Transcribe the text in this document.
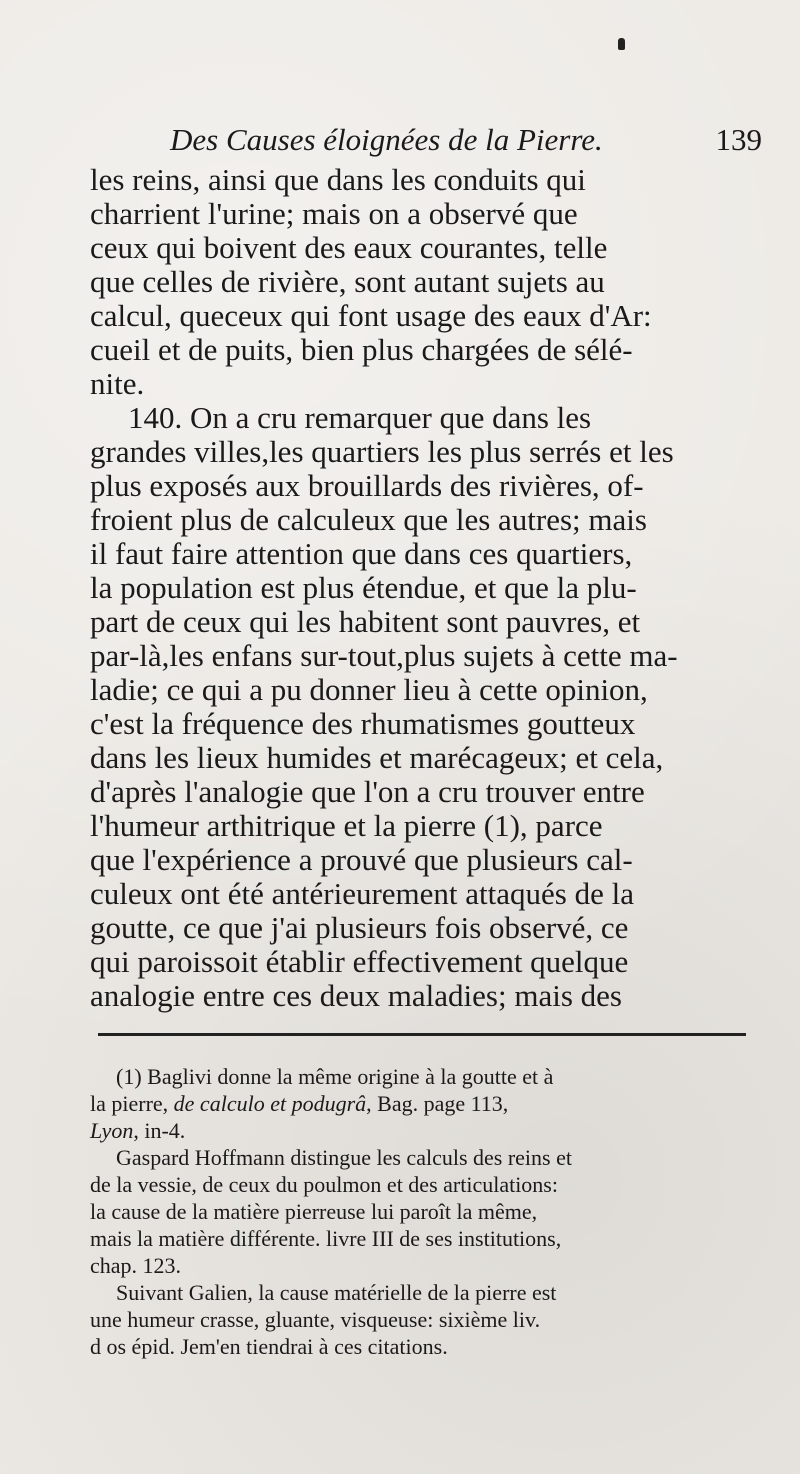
Des Causes éloignées de la Pierre.	139
les reins, ainsi que dans les conduits qui
charrient l'urine; mais on a observé que
ceux qui boivent des eaux courantes, telle
que celles de rivière, sont autant sujets au
calcul, queceux qui font usage des eaux d'Ar:
cueil et de puits, bien plus chargées de sélé-
nite.
140. On a cru remarquer que dans les
grandes villes,les quartiers les plus serrés et les
plus exposés aux brouillards des rivières, of-
froient plus de calculeux que les autres; mais
il faut faire attention que dans ces quartiers,
la population est plus étendue, et que la plu-
part de ceux qui les habitent sont pauvres, et
par-là,les enfans sur-tout,plus sujets à cette ma-
ladie; ce qui a pu donner lieu à cette opinion,
c'est la fréquence des rhumatismes goutteux
dans les lieux humides et marécageux; et cela,
d'après l'analogie que l'on a cru trouver entre
l'humeur arthitrique et la pierre (1), parce
que l'expérience a prouvé que plusieurs cal-
culeux ont été antérieurement attaqués de la
goutte, ce que j'ai plusieurs fois observé, ce
qui paroissoit établir effectivement quelque
analogie entre ces deux maladies; mais des
(1) Baglivi donne la même origine à la goutte et à
la pierre, de calculo et podugrâ, Bag. page 113,
Lyon, in-4.
Gaspard Hoffmann distingue les calculs des reins et
de la vessie, de ceux du poulmon et des articulations:
la cause de la matière pierreuse lui paroît la même,
mais la matière différente. livre III de ses institutions,
chap. 123.
Suivant Galien, la cause matérielle de la pierre est
une humeur crasse, gluante, visqueuse: sixième liv.
d os épid. Jem'en tiendrai à ces citations.
